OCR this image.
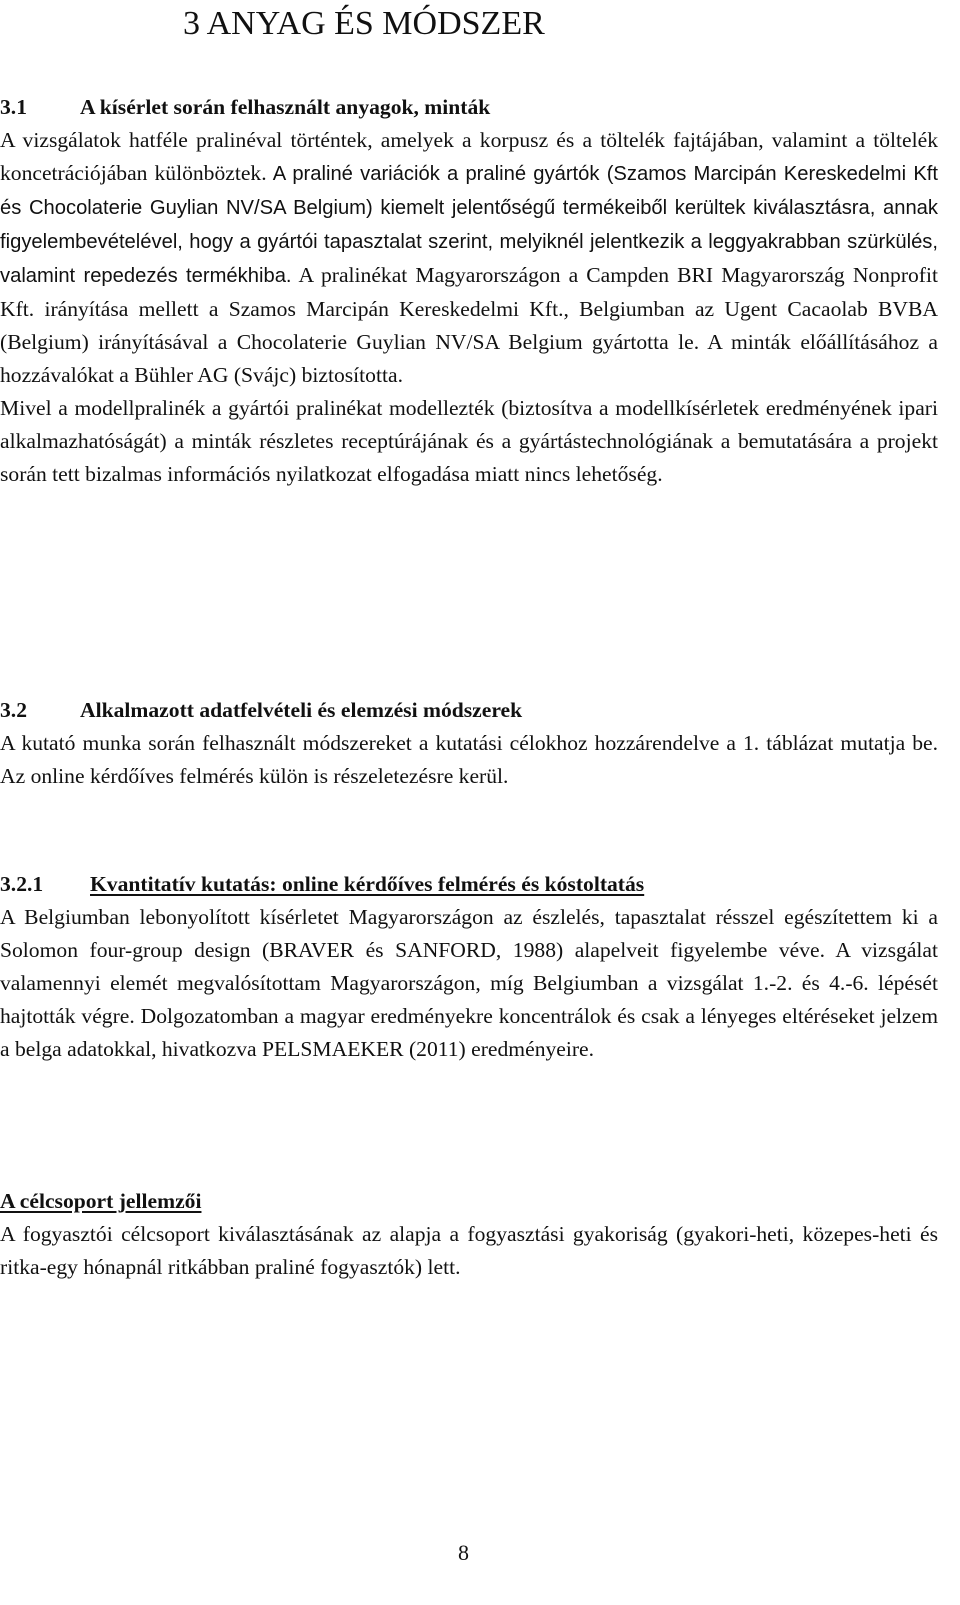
3 ANYAG ÉS MÓDSZER
3.1 A kísérlet során felhasznált anyagok, minták

A vizsgálatok hatféle pralinéval történtek, amelyek a korpusz és a töltelék fajtájában, valamint a töltelék koncetrációjában különböztek. A praliné variációk a praliné gyártók (Szamos Marcipán Kereskedelmi Kft és Chocolaterie Guylian NV/SA Belgium) kiemelt jelentőségű termékeiből kerültek kiválasztásra, annak figyelembevételével, hogy a gyártói tapasztalat szerint, melyiknél jelentkezik a leggyakrabban szürkülés, valamint repedezés termékhiba. A pralinékat Magyarországon a Campden BRI Magyarország Nonprofit Kft. irányítása mellett a Szamos Marcipán Kereskedelmi Kft., Belgiumban az Ugent Cacaolab BVBA (Belgium) irányításával a Chocolaterie Guylian NV/SA Belgium gyártotta le. A minták előállításához a hozzávalókat a Bühler AG (Svájc) biztosította.

Mivel a modellpralinék a gyártói pralinékat modellezték (biztosítva a modellkísérletek eredményének ipari alkalmazhatóságát) a minták részletes receptúrájának és a gyártástechnológiának a bemutatására a projekt során tett bizalmas információs nyilatkozat elfogadása miatt nincs lehetőség.

3.2 Alkalmazott adatfelvételi és elemzési módszerek

A kutató munka során felhasznált módszereket a kutatási célokhoz hozzárendelve a 1. táblázat mutatja be. Az online kérdőíves felmérés külön is részeletezésre kerül.

3.2.1 Kvantitatív kutatás: online kérdőíves felmérés és kóstoltatás

A Belgiumban lebonyolított kísérletet Magyarországon az észlelés, tapasztalat résszel egészítettem ki a Solomon four-group design (BRAVER és SANFORD, 1988) alapelveit figyelembe véve. A vizsgálat valamennyi elemét megvalósítottam Magyarországon, míg Belgiumban a vizsgálat 1.-2. és 4.-6. lépését hajtották végre. Dolgozatomban a magyar eredményekre koncentrálok és csak a lényeges eltéréseket jelzem a belga adatokkal, hivatkozva PELSMAEKER (2011) eredményeire.

A célcsoport jellemzői

A fogyasztói célcsoport kiválasztásának az alapja a fogyasztási gyakoriság (gyakori-heti, közepes-heti és ritka-egy hónapnál ritkábban praliné fogyasztók) lett.

8
